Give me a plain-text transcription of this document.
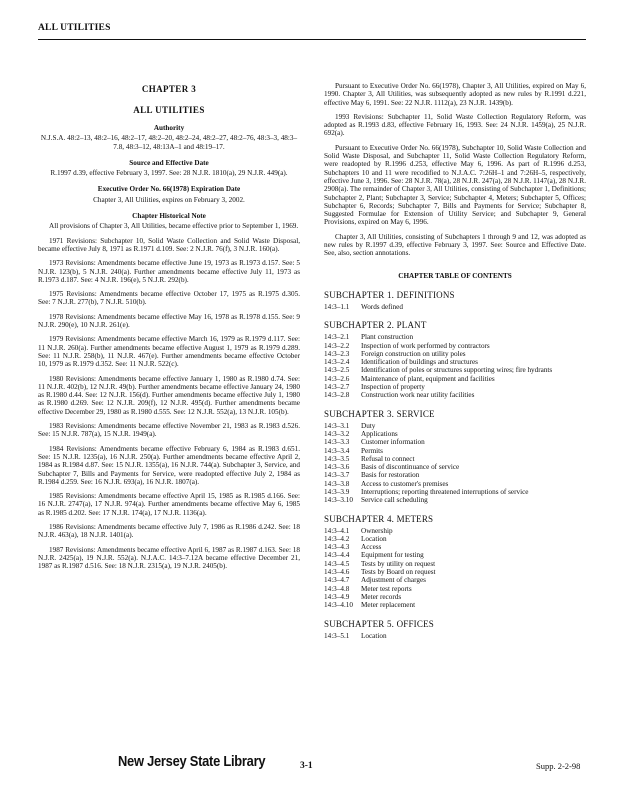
ALL UTILITIES
CHAPTER 3
ALL UTILITIES
Authority

N.J.S.A. 48:2–13, 48:2–16, 48:2–17, 48:2–20, 48:2–24, 48:2–27, 48:2–76, 48:3–3, 48:3–7.8, 48:3–12, 48:13A–1 and 48:19–17.

Source and Effective Date

R.1997 d.39, effective February 3, 1997. See: 28 N.J.R. 1810(a), 29 N.J.R. 449(a).

Executive Order No. 66(1978) Expiration Date

Chapter 3, All Utilities, expires on February 3, 2002.

Chapter Historical Note

All provisions of Chapter 3, All Utilities, became effective prior to September 1, 1969.

1971 Revisions: Subchapter 10, Solid Waste Collection and Solid Waste Disposal, became effective July 8, 1971 as R.1971 d.109. See: 2 N.J.R. 76(f), 3 N.J.R. 160(a).

1973 Revisions: Amendments became effective June 19, 1973 as R.1973 d.157. See: 5 N.J.R. 123(b), 5 N.J.R. 240(a). Further amendments became effective July 11, 1973 as R.1973 d.187. See: 4 N.J.R. 196(e), 5 N.J.R. 292(b).

1975 Revisions: Amendments became effective October 17, 1975 as R.1975 d.305. See: 7 N.J.R. 277(b), 7 N.J.R. 510(b).

1978 Revisions: Amendments became effective May 16, 1978 as R.1978 d.155. See: 9 N.J.R. 290(e), 10 N.J.R. 261(e).

1979 Revisions: Amendments became effective March 16, 1979 as R.1979 d.117. See: 11 N.J.R. 260(a). Further amendments became effective August 1, 1979 as R.1979 d.289. See: 11 N.J.R. 258(b), 11 N.J.R. 467(e). Further amendments became effective October 10, 1979 as R.1979 d.352. See: 11 N.J.R. 522(c).

1980 Revisions: Amendments became effective January 1, 1980 as R.1980 d.74. See: 11 N.J.R. 402(b), 12 N.J.R. 49(b). Further amendments became effective January 24, 1980 as R.1980 d.44. See: 12 N.J.R. 156(d). Further amendments became effective July 1, 1980 as R.1980 d.269. See: 12 N.J.R. 209(f), 12 N.J.R. 495(d). Further amendments became effective December 29, 1980 as R.1980 d.555. See: 12 N.J.R. 552(a), 13 N.J.R. 105(b).

1983 Revisions: Amendments became effective November 21, 1983 as R.1983 d.526. See: 15 N.J.R. 787(a), 15 N.J.R. 1949(a).

1984 Revisions: Amendments became effective February 6, 1984 as R.1983 d.651. See: 15 N.J.R. 1235(a), 16 N.J.R. 250(a). Further amendments became effective April 2, 1984 as R.1984 d.87. See: 15 N.J.R. 1355(a), 16 N.J.R. 744(a). Subchapter 3, Service, and Subchapter 7, Bills and Payments for Service, were readopted effective July 2, 1984 as R.1984 d.259. See: 16 N.J.R. 693(a), 16 N.J.R. 1807(a).

1985 Revisions: Amendments became effective April 15, 1985 as R.1985 d.166. See: 16 N.J.R. 2747(a), 17 N.J.R. 974(a). Further amendments became effective May 6, 1985 as R.1985 d.202. See: 17 N.J.R. 174(a), 17 N.J.R. 1136(a).

1986 Revisions: Amendments became effective July 7, 1986 as R.1986 d.242. See: 18 N.J.R. 463(a), 18 N.J.R. 1401(a).

1987 Revisions: Amendments became effective April 6, 1987 as R.1987 d.163. See: 18 N.J.R. 2425(a), 19 N.J.R. 552(a). N.J.A.C. 14:3–7.12A became effective December 21, 1987 as R.1987 d.516. See: 18 N.J.R. 2315(a), 19 N.J.R. 2405(b).

Pursuant to Executive Order No. 66(1978), Chapter 3, All Utilities, expired on May 6, 1990. Chapter 3, All Utilities, was subsequently adopted as new rules by R.1991 d.221, effective May 6, 1991. See: 22 N.J.R. 1112(a), 23 N.J.R. 1439(b).

1993 Revisions: Subchapter 11, Solid Waste Collection Regulatory Reform, was adopted as R.1993 d.83, effective February 16, 1993. See: 24 N.J.R. 1459(a), 25 N.J.R. 692(a).

Pursuant to Executive Order No. 66(1978), Subchapter 10, Solid Waste Collection and Solid Waste Disposal, and Subchapter 11, Solid Waste Collection Regulatory Reform, were readopted by R.1996 d.253, effective May 6, 1996. As part of R.1996 d.253, Subchapters 10 and 11 were recodified to N.J.A.C. 7:26H–1 and 7:26H–5, respectively, effective June 3, 1996. See: 28 N.J.R. 78(a), 28 N.J.R. 247(a), 28 N.J.R. 1147(a), 28 N.J.R. 2908(a). The remainder of Chapter 3, All Utilities, consisting of Subchapter 1, Definitions; Subchapter 2, Plant; Subchapter 3, Service; Subchapter 4, Meters; Subchapter 5, Offices; Subchapter 6, Records; Subchapter 7, Bills and Payments for Service; Subchapter 8, Suggested Formulae for Extension of Utility Service; and Subchapter 9, General Provisions, expired on May 6, 1996.

Chapter 3, All Utilities, consisting of Subchapters 1 through 9 and 12, was adopted as new rules by R.1997 d.39, effective February 3, 1997. See: Source and Effective Date. See, also, section annotations.

CHAPTER TABLE OF CONTENTS
SUBCHAPTER 1. DEFINITIONS
14:3–1.1	Words defined
SUBCHAPTER 2. PLANT
14:3–2.1	Plant construction
14:3–2.2	Inspection of work performed by contractors
14:3–2.3	Foreign construction on utility poles
14:3–2.4	Identification of buildings and structures
14:3–2.5	Identification of poles or structures supporting wires; fire hydrants
14:3–2.6	Maintenance of plant, equipment and facilities
14:3–2.7	Inspection of property
14:3–2.8	Construction work near utility facilities
SUBCHAPTER 3. SERVICE
14:3–3.1	Duty
14:3–3.2	Applications
14:3–3.3	Customer information
14:3–3.4	Permits
14:3–3.5	Refusal to connect
14:3–3.6	Basis of discontinuance of service
14:3–3.7	Basis for restoration
14:3–3.8	Access to customer's premises
14:3–3.9	Interruptions; reporting threatened interruptions of service
14:3–3.10	Service call scheduling
SUBCHAPTER 4. METERS
14:3–4.1	Ownership
14:3–4.2	Location
14:3–4.3	Access
14:3–4.4	Equipment for testing
14:3–4.5	Tests by utility on request
14:3–4.6	Tests by Board on request
14:3–4.7	Adjustment of charges
14:3–4.8	Meter test reports
14:3–4.9	Meter records
14:3–4.10	Meter replacement
SUBCHAPTER 5. OFFICES
14:3–5.1	Location
New Jersey State Library	3-1	Supp. 2-2-98
